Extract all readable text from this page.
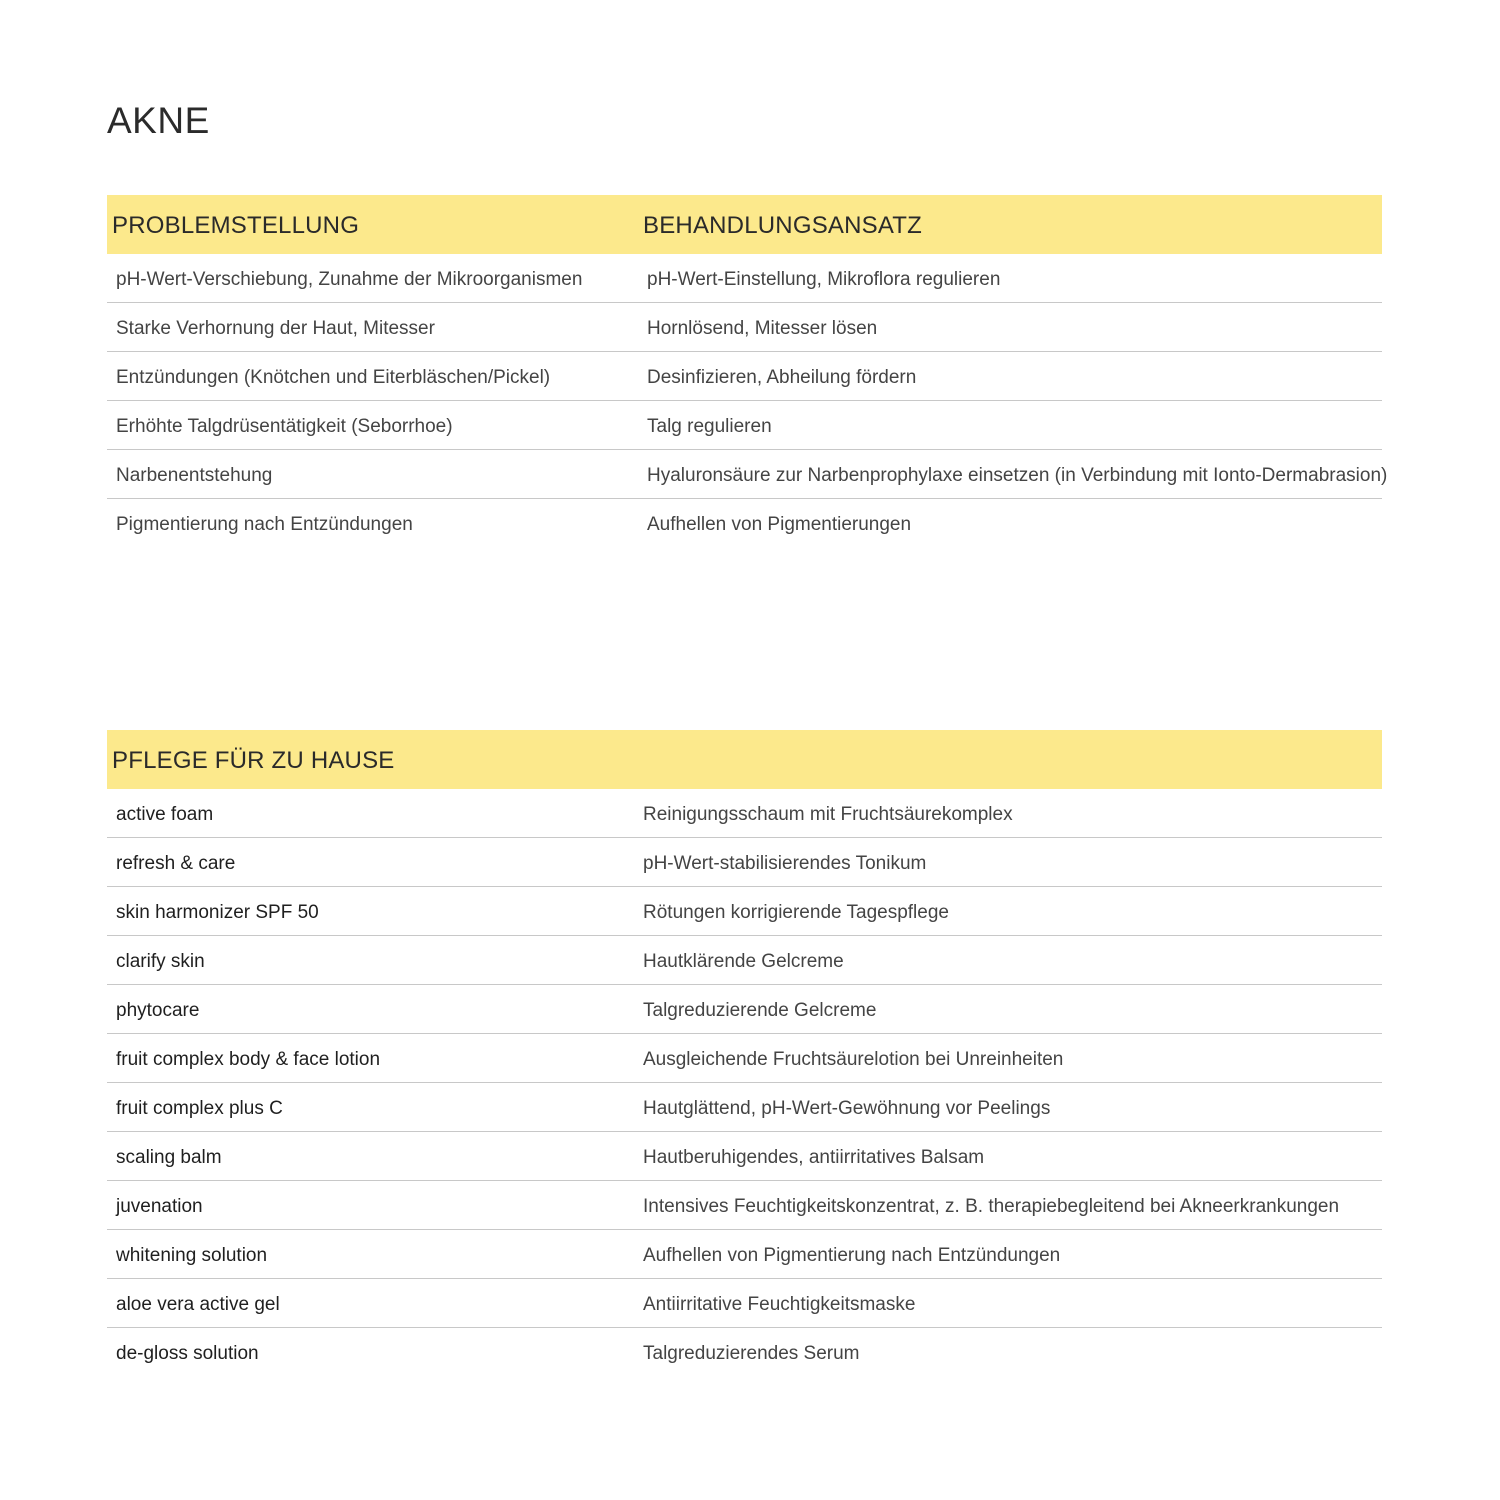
AKNE
PROBLEMSTELLUNG	BEHANDLUNGSANSATZ
pH-Wert-Verschiebung, Zunahme der Mikroorganismen	pH-Wert-Einstellung, Mikroflora regulieren
Starke Verhornung der Haut, Mitesser	Hornlösend, Mitesser lösen
Entzündungen (Knötchen und Eiterbläschen/Pickel)	Desinfizieren, Abheilung fördern
Erhöhte Talgdrüsentätigkeit (Seborrhoe)	Talg regulieren
Narbenentstehung	Hyaluronsäure zur Narbenprophylaxe einsetzen (in Verbindung mit Ionto-Dermabrasion)
Pigmentierung nach Entzündungen	Aufhellen von Pigmentierungen
PFLEGE FÜR ZU HAUSE
active foam	Reinigungsschaum mit Fruchtsäurekomplex
refresh & care	pH-Wert-stabilisierendes Tonikum
skin harmonizer SPF 50	Rötungen korrigierende Tagespflege
clarify skin	Hautklärende Gelcreme
phytocare	Talgreduzierende Gelcreme
fruit complex body & face lotion	Ausgleichende Fruchtsäurelotion bei Unreinheiten
fruit complex plus C	Hautglättend, pH-Wert-Gewöhnung vor Peelings
scaling balm	Hautberuhigendes, antiirritatives Balsam
juvenation	Intensives Feuchtigkeitskonzentrat, z. B. therapiebegleitend bei Akneerkrankungen
whitening solution	Aufhellen von Pigmentierung nach Entzündungen
aloe vera active gel	Antiirritative Feuchtigkeitsmaske
de-gloss solution	Talgreduzierendes Serum
